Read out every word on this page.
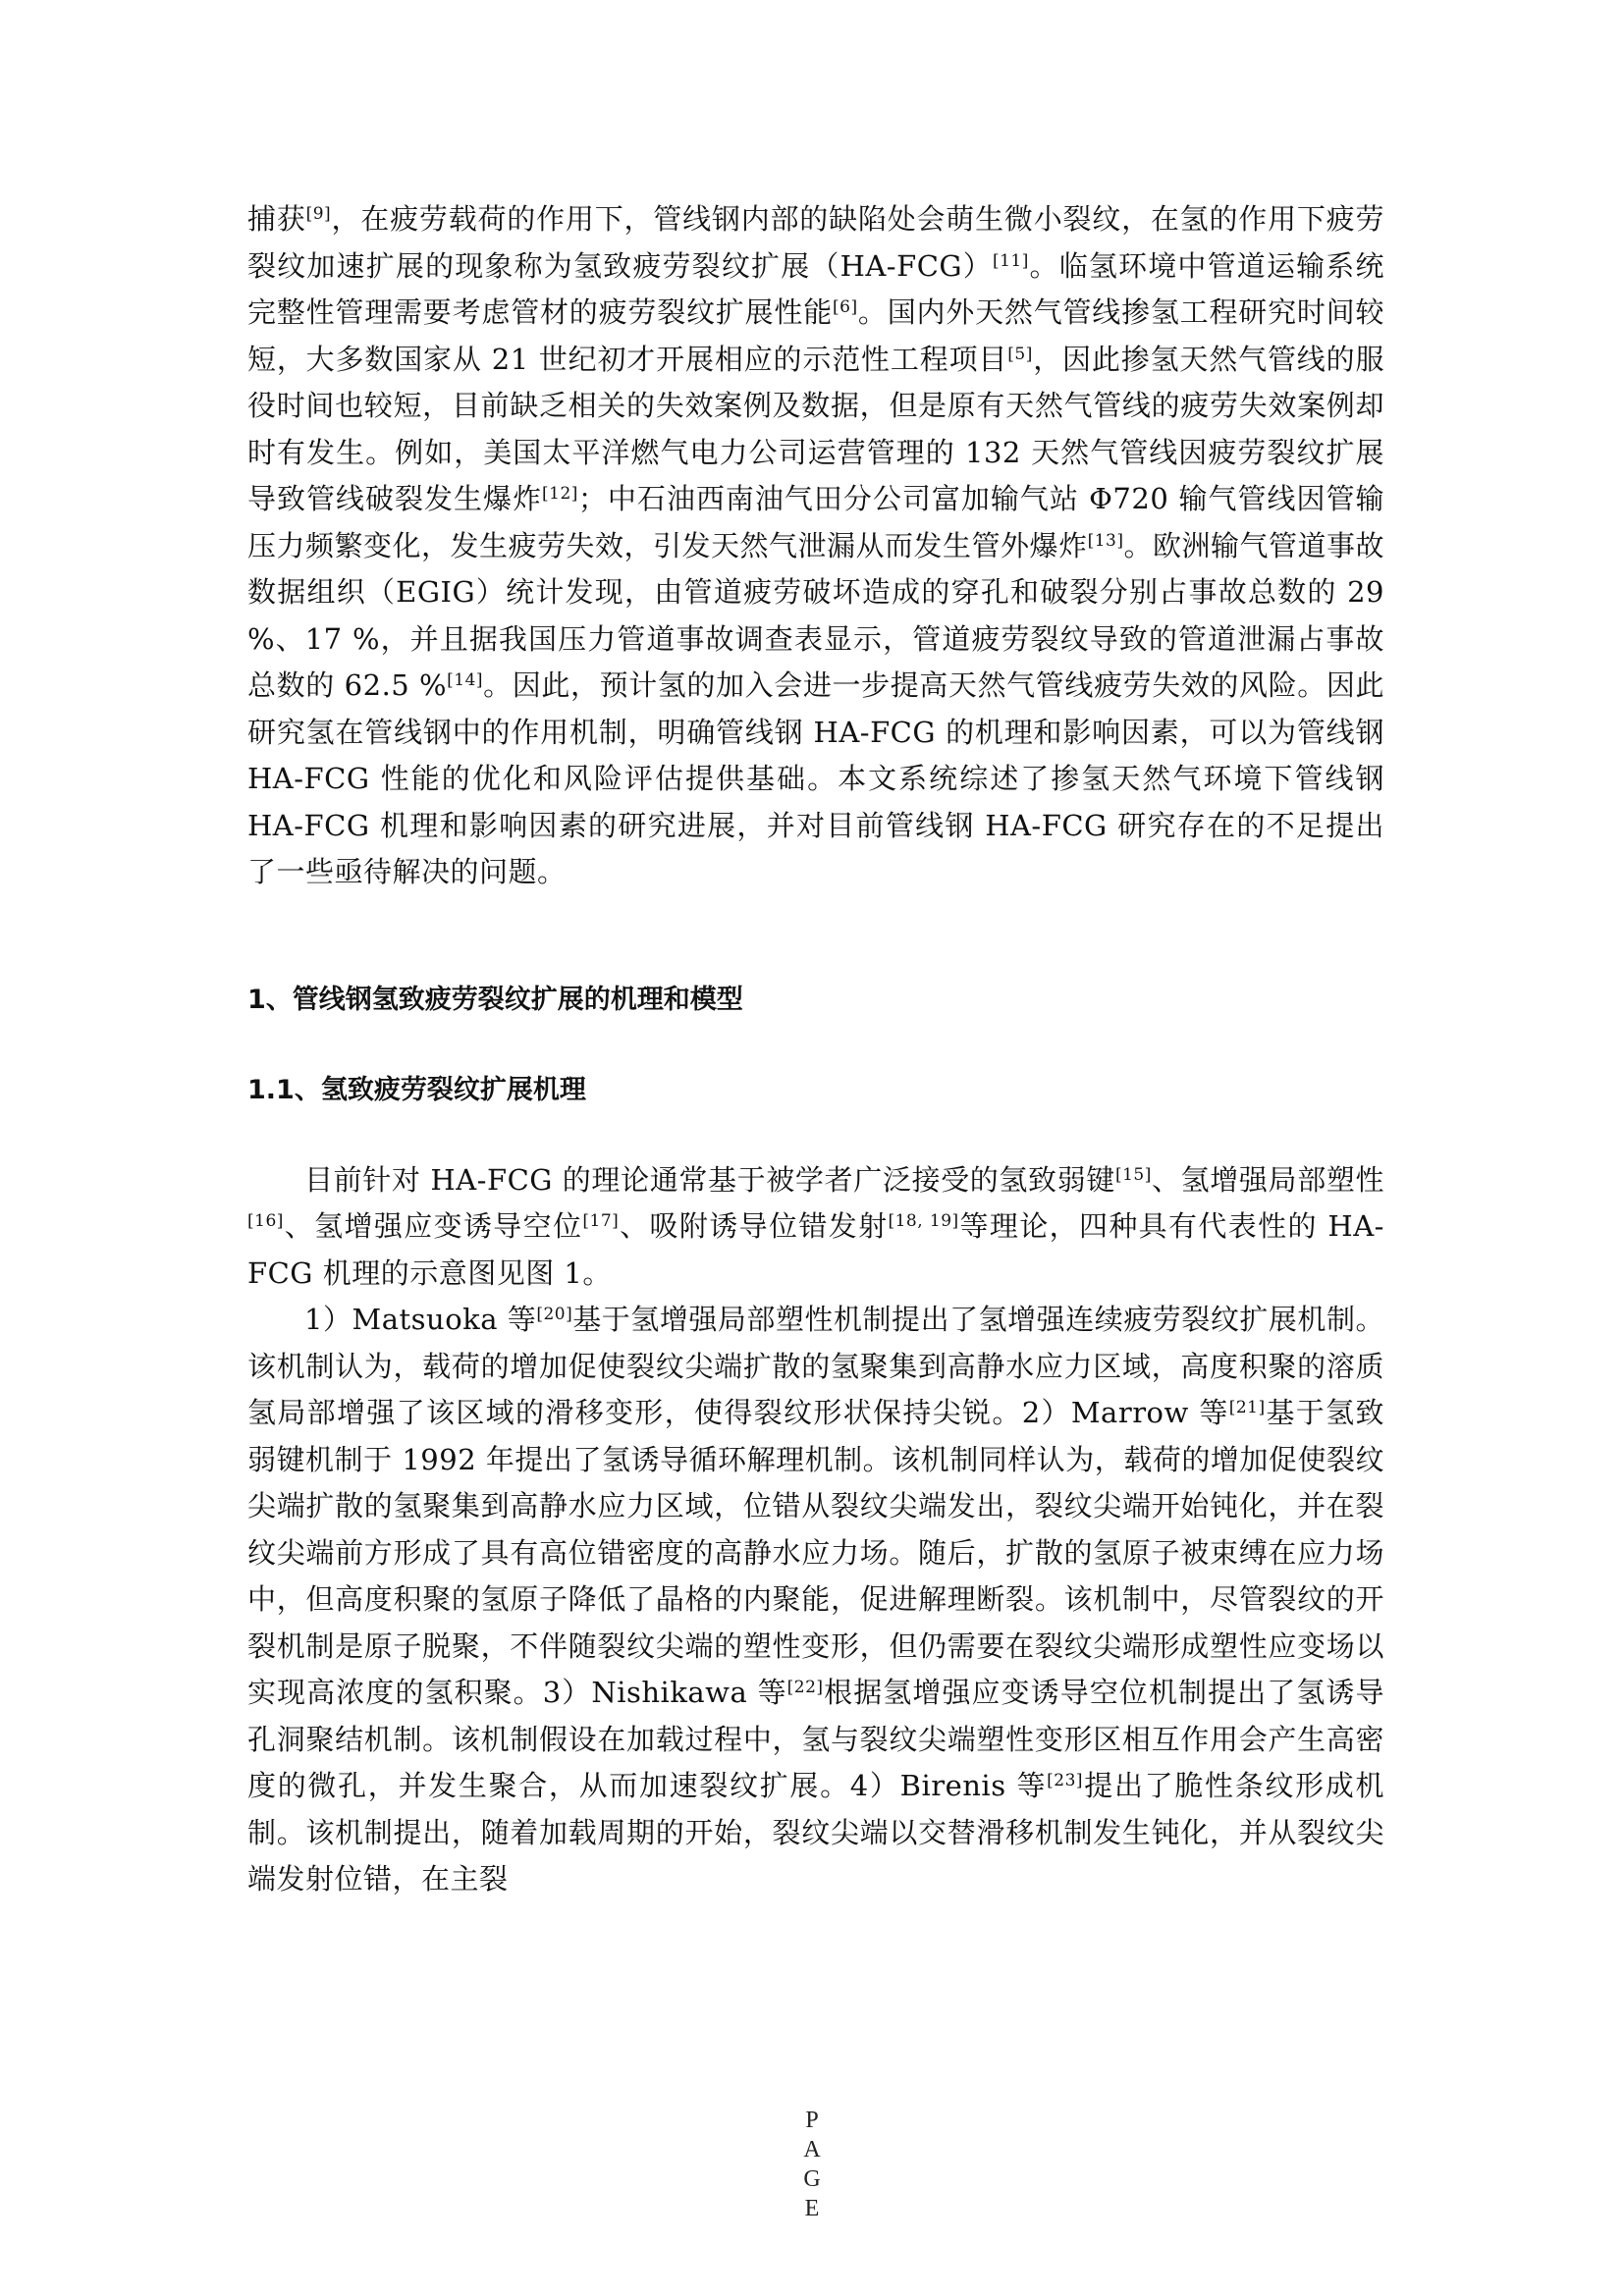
捕获[9]，在疲劳载荷的作用下，管线钢内部的缺陷处会萌生微小裂纹，在氢的作用下疲劳裂纹加速扩展的现象称为氢致疲劳裂纹扩展（HA-FCG）[11]。临氢环境中管道运输系统完整性管理需要考虑管材的疲劳裂纹扩展性能[6]。国内外天然气管线掺氢工程研究时间较短，大多数国家从 21 世纪初才开展相应的示范性工程项目[5]，因此掺氢天然气管线的服役时间也较短，目前缺乏相关的失效案例及数据，但是原有天然气管线的疲劳失效案例却时有发生。例如，美国太平洋燃气电力公司运营管理的 132 天然气管线因疲劳裂纹扩展导致管线破裂发生爆炸[12]；中石油西南油气田分公司富加输气站 Φ720 输气管线因管输压力频繁变化，发生疲劳失效，引发天然气泄漏从而发生管外爆炸[13]。欧洲输气管道事故数据组织（EGIG）统计发现，由管道疲劳破坏造成的穿孔和破裂分别占事故总数的 29 %、17 %，并且据我国压力管道事故调查表显示，管道疲劳裂纹导致的管道泄漏占事故总数的 62.5 %[14]。因此，预计氢的加入会进一步提高天然气管线疲劳失效的风险。因此研究氢在管线钢中的作用机制，明确管线钢 HA-FCG 的机理和影响因素，可以为管线钢 HA-FCG 性能的优化和风险评估提供基础。本文系统综述了掺氢天然气环境下管线钢 HA-FCG 机理和影响因素的研究进展，并对目前管线钢 HA-FCG 研究存在的不足提出了一些亟待解决的问题。

1、管线钢氢致疲劳裂纹扩展的机理和模型
1.1、氢致疲劳裂纹扩展机理

目前针对 HA-FCG 的理论通常基于被学者广泛接受的氢致弱键[15]、氢增强局部塑性[16]、氢增强应变诱导空位[17]、吸附诱导位错发射[18, 19]等理论，四种具有代表性的 HA-FCG 机理的示意图见图 1。

1）Matsuoka 等[20]基于氢增强局部塑性机制提出了氢增强连续疲劳裂纹扩展机制。该机制认为，载荷的增加促使裂纹尖端扩散的氢聚集到高静水应力区域，高度积聚的溶质氢局部增强了该区域的滑移变形，使得裂纹形状保持尖锐。2）Marrow 等[21]基于氢致弱键机制于 1992 年提出了氢诱导循环解理机制。该机制同样认为，载荷的增加促使裂纹尖端扩散的氢聚集到高静水应力区域，位错从裂纹尖端发出，裂纹尖端开始钝化，并在裂纹尖端前方形成了具有高位错密度的高静水应力场。随后，扩散的氢原子被束缚在应力场中，但高度积聚的氢原子降低了晶格的内聚能，促进解理断裂。该机制中，尽管裂纹的开裂机制是原子脱聚，不伴随裂纹尖端的塑性变形，但仍需要在裂纹尖端形成塑性应变场以实现高浓度的氢积聚。3）Nishikawa 等[22]根据氢增强应变诱导空位机制提出了氢诱导孔洞聚结机制。该机制假设在加载过程中，氢与裂纹尖端塑性变形区相互作用会产生高密度的微孔，并发生聚合，从而加速裂纹扩展。4）Birenis 等[23]提出了脆性条纹形成机制。该机制提出，随着加载周期的开始，裂纹尖端以交替滑移机制发生钝化，并从裂纹尖端发射位错，在主裂

P
A
G
E
